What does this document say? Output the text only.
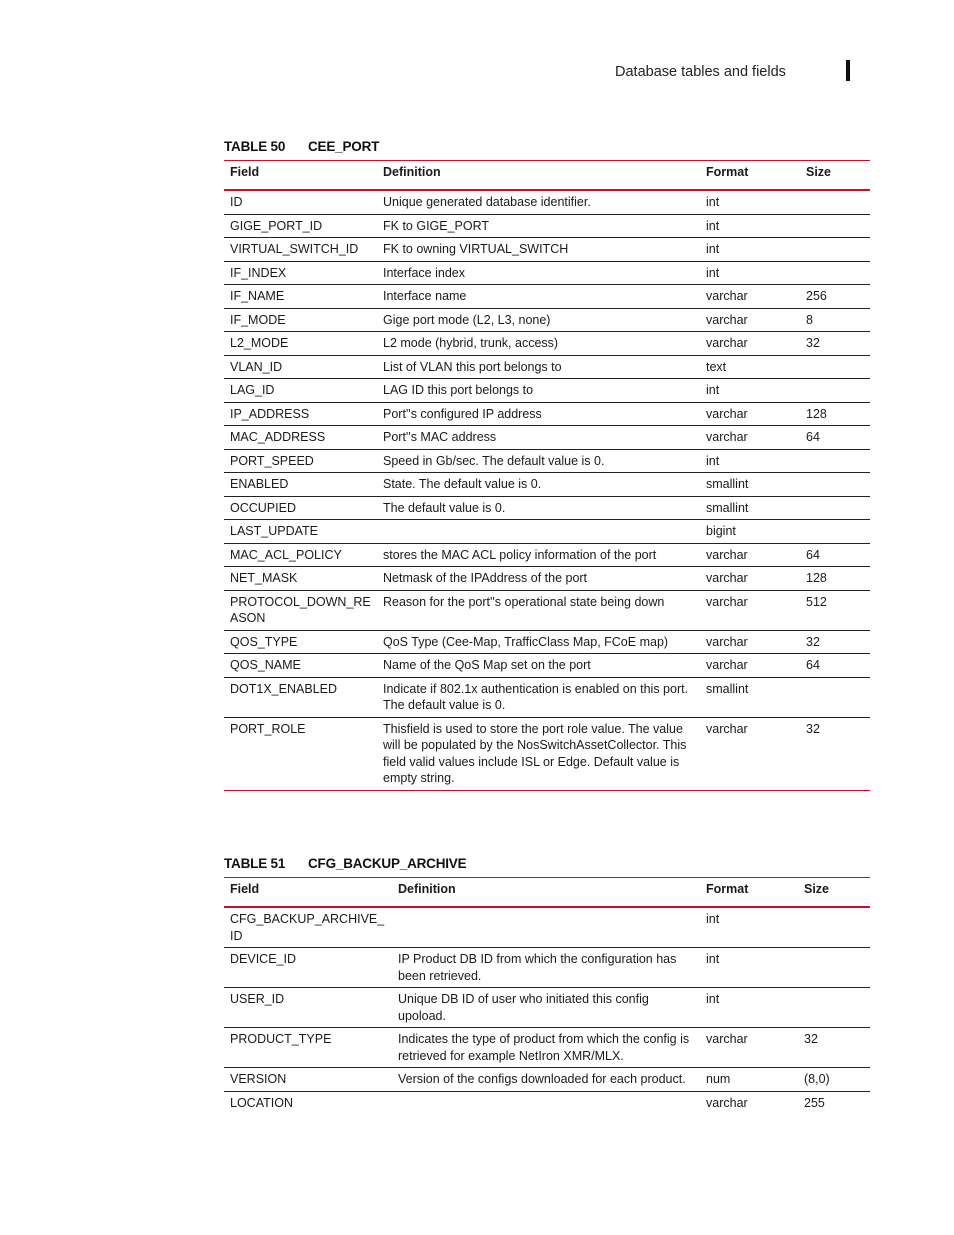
Database tables and fields
TABLE 50 CEE_PORT
Field	Definition	Format	Size
ID	Unique generated database identifier.	int	
GIGE_PORT_ID	FK to GIGE_PORT	int	
VIRTUAL_SWITCH_ID	FK to owning VIRTUAL_SWITCH	int	
IF_INDEX	Interface index	int	
IF_NAME	Interface name	varchar	256
IF_MODE	Gige port mode (L2, L3, none)	varchar	8
L2_MODE	L2 mode (hybrid, trunk, access)	varchar	32
VLAN_ID	List of VLAN this port belongs to	text	
LAG_ID	LAG ID this port belongs to	int	
IP_ADDRESS	Port''s configured IP address	varchar	128
MAC_ADDRESS	Port''s MAC address	varchar	64
PORT_SPEED	Speed in Gb/sec. The default value is 0.	int	
ENABLED	State. The default value is 0.	smallint	
OCCUPIED	The default value is 0.	smallint	
LAST_UPDATE		bigint	
MAC_ACL_POLICY	stores the MAC ACL policy information of the port	varchar	64
NET_MASK	Netmask of the IPAddress of the port	varchar	128
PROTOCOL_DOWN_REASON	Reason for the port''s operational state being down	varchar	512
QOS_TYPE	QoS Type (Cee-Map, TrafficClass Map, FCoE map)	varchar	32
QOS_NAME	Name of the QoS Map set on the port	varchar	64
DOT1X_ENABLED	Indicate if 802.1x authentication is enabled on this port. The default value is 0.	smallint	
PORT_ROLE	Thisfield is used to store the port role value. The value will be populated by the NosSwitchAssetCollector. This field valid values include ISL or Edge. Default value is empty string.	varchar	32
TABLE 51 CFG_BACKUP_ARCHIVE
Field	Definition	Format	Size
CFG_BACKUP_ARCHIVE_ID		int	
DEVICE_ID	IP Product DB ID from which the configuration has been retrieved.	int	
USER_ID	Unique DB ID of user who initiated this config upoload.	int	
PRODUCT_TYPE	Indicates the type of product from which the config is retrieved for example NetIron XMR/MLX.	varchar	32
VERSION	Version of the configs downloaded for each product.	num	(8,0)
LOCATION		varchar	255
